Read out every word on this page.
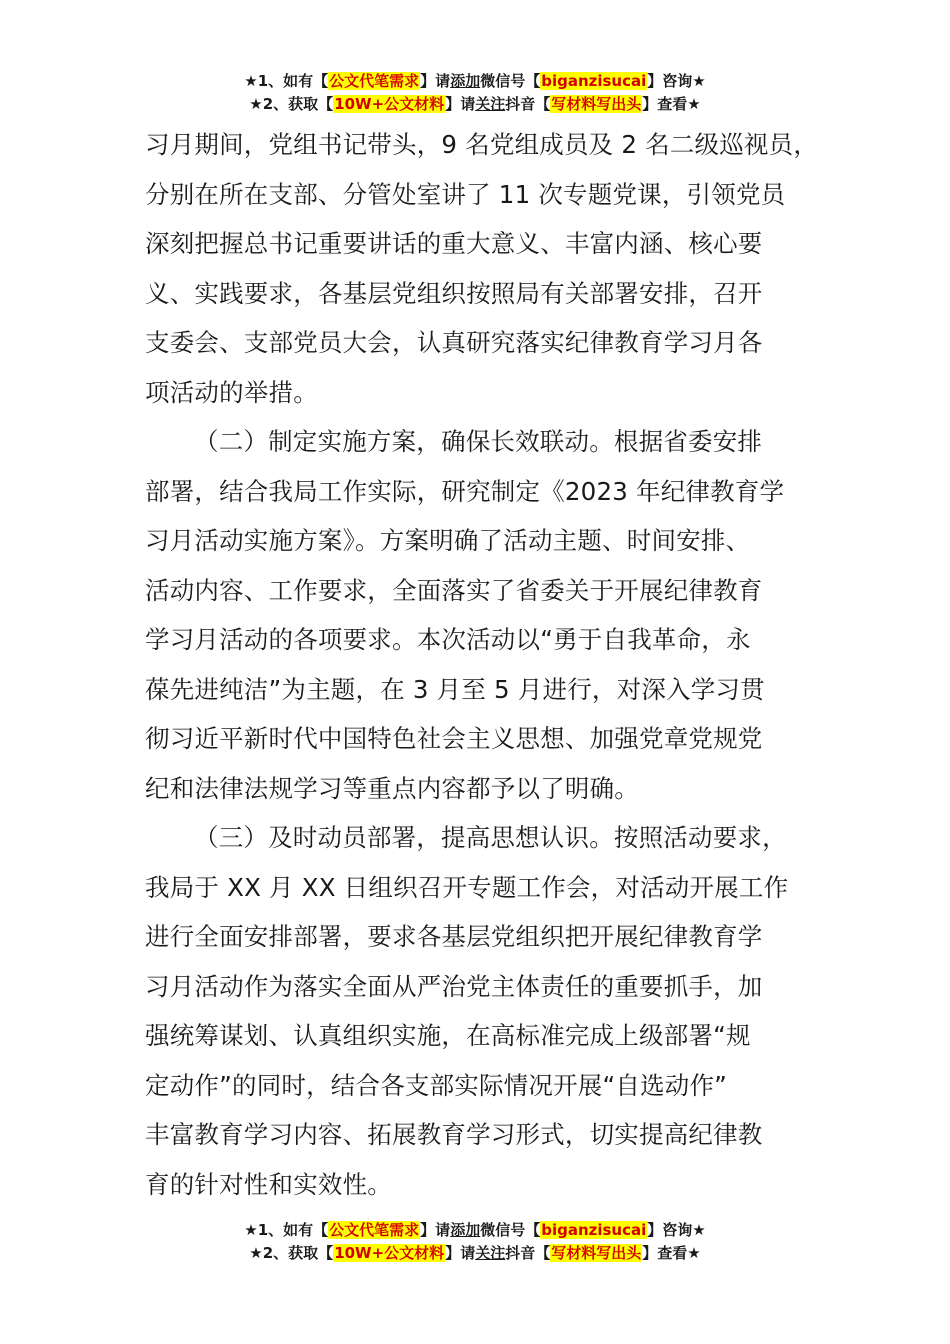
★1、如有【公文代笔需求】请添加微信号【biganzisucai】咨询★
★2、获取【10W+公文材料】请关注抖音【写材料写出头】查看★

习月期间，党组书记带头，9 名党组成员及 2 名二级巡视员，
分别在所在支部、分管处室讲了 11 次专题党课，引领党员
深刻把握总书记重要讲话的重大意义、丰富内涵、核心要
义、实践要求，各基层党组织按照局有关部署安排，召开
支委会、支部党员大会，认真研究落实纪律教育学习月各
项活动的举措。

（二）制定实施方案，确保长效联动。根据省委安排
部署，结合我局工作实际，研究制定《2023 年纪律教育学
习月活动实施方案》。方案明确了活动主题、时间安排、
活动内容、工作要求，全面落实了省委关于开展纪律教育
学习月活动的各项要求。本次活动以“勇于自我革命，永
葆先进纯洁”为主题，在 3 月至 5 月进行，对深入学习贯
彻习近平新时代中国特色社会主义思想、加强党章党规党
纪和法律法规学习等重点内容都予以了明确。

（三）及时动员部署，提高思想认识。按照活动要求，
我局于 XX 月 XX 日组织召开专题工作会，对活动开展工作
进行全面安排部署，要求各基层党组织把开展纪律教育学
习月活动作为落实全面从严治党主体责任的重要抓手，加
强统筹谋划、认真组织实施，在高标准完成上级部署“规
定动作”的同时，结合各支部实际情况开展“自选动作”
丰富教育学习内容、拓展教育学习形式，切实提高纪律教
育的针对性和实效性。

★1、如有【公文代笔需求】请添加微信号【biganzisucai】咨询★
★2、获取【10W+公文材料】请关注抖音【写材料写出头】查看★
